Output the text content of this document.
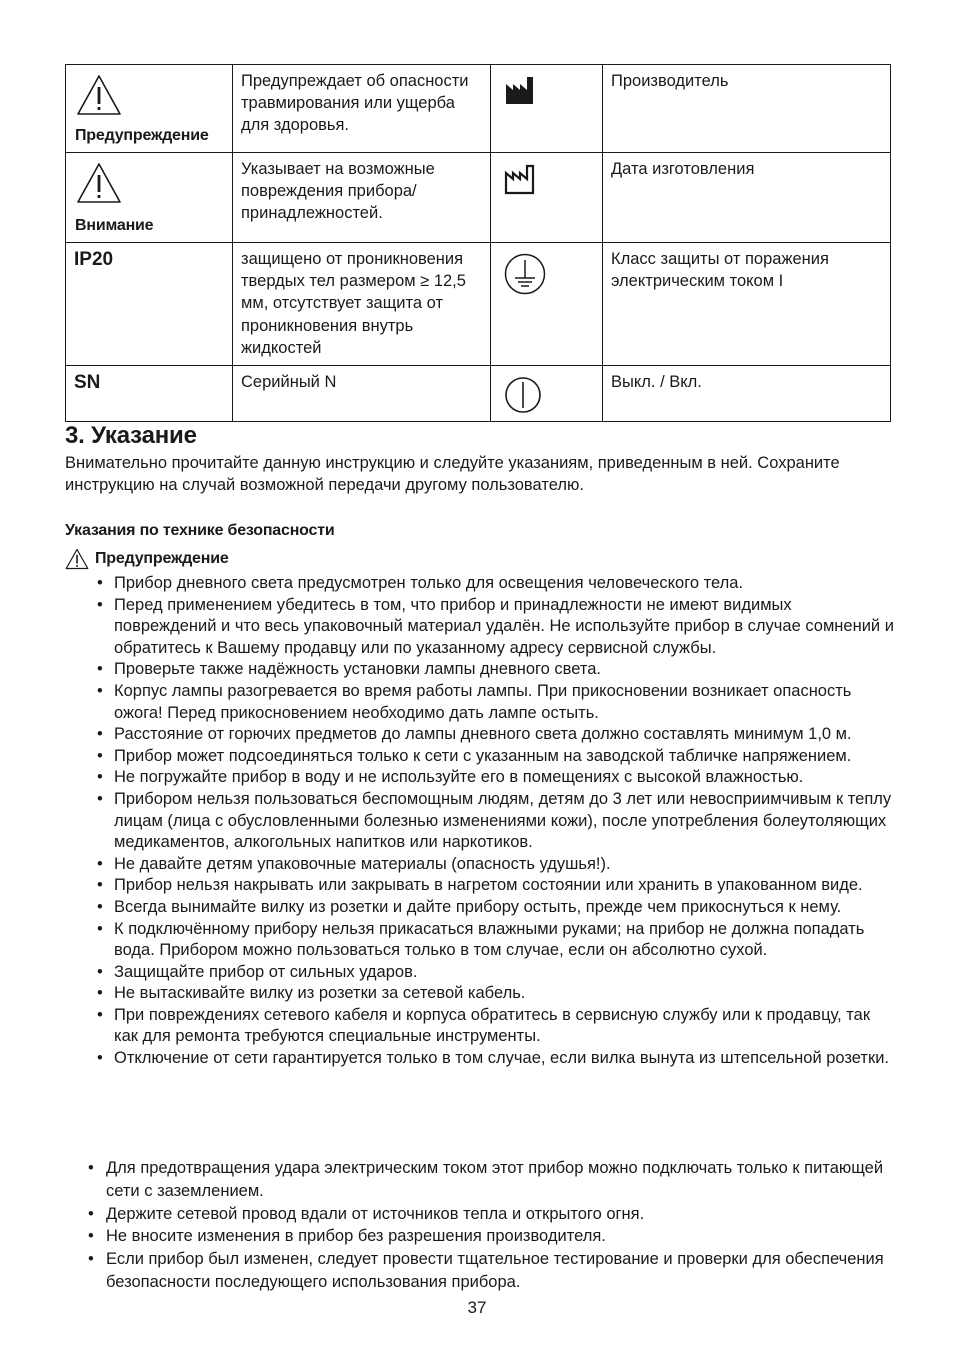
Предупреждение	Предупреждает об опасности травмирования или ущерба для здоровья.		Производитель

Внимание	Указывает на возможные повреждения прибора/ принадлежностей.		Дата изготовления
IP20	защищено от проникновения твердых тел размером ≥ 12,5 мм, отсутствует защита от проникновения внутрь жидкостей		Класс защиты от поражения электрическим током I
SN	Серийный N		Выкл. / Вкл.
3. Указание

Внимательно прочитайте данную инструкцию и следуйте указаниям, приведенным в ней. Сохраните инструкцию на случай возможной передачи другому пользователю.

Указания по технике безопасности
Предупреждение
• Прибор дневного света предусмотрен только для освещения человеческого тела.
• Перед применением убедитесь в том, что прибор и принадлежности не имеют видимых повреждений и что весь упаковочный материал удалён. Не используйте прибор в случае сомнений и обратитесь к Вашему продавцу или по указанному адресу сервисной службы.
• Проверьте также надёжность установки лампы дневного света.
• Корпус лампы разогревается во время работы лампы. При прикосновении возникает опасность ожога! Перед прикосновением необходимо дать лампе остыть.
• Расстояние от горючих предметов до лампы дневного света должно составлять минимум 1,0 м.
• Прибор может подсоединяться только к сети с указанным на заводской табличке напряжением.
• Не погружайте прибор в воду и не используйте его в помещениях с высокой влажностью.
• Прибором нельзя пользоваться беспомощным людям, детям до 3 лет или невосприимчивым к теплу лицам (лица с обусловленными болезнью изменениями кожи), после употребления болеутоляющих медикаментов, алкогольных напитков или наркотиков.
• Не давайте детям упаковочные материалы (опасность удушья!).
• Прибор нельзя накрывать или закрывать в нагретом состоянии или хранить в упакованном виде.
• Всегда вынимайте вилку из розетки и дайте прибору остыть, прежде чем прикоснуться к нему.
• К подключённому прибору нельзя прикасаться влажными руками; на прибор не должна попадать вода. Прибором можно пользоваться только в том случае, если он абсолютно сухой.
• Защищайте прибор от сильных ударов.
• Не вытаскивайте вилку из розетки за сетевой кабель.
• При повреждениях сетевого кабеля и корпуса обратитесь в сервисную службу или к продавцу, так как для ремонта требуются специальные инструменты.
• Отключение от сети гарантируется только в том случае, если вилка вынута из штепсельной розетки.
• Для предотвращения удара электрическим током этот прибор можно подключать только к питающей сети с заземлением.
• Держите сетевой провод вдали от источников тепла и открытого огня.
• Не вносите изменения в прибор без разрешения производителя.
• Если прибор был изменен, следует провести тщательное тестирование и проверки для обеспечения безопасности последующего использования прибора.
37
